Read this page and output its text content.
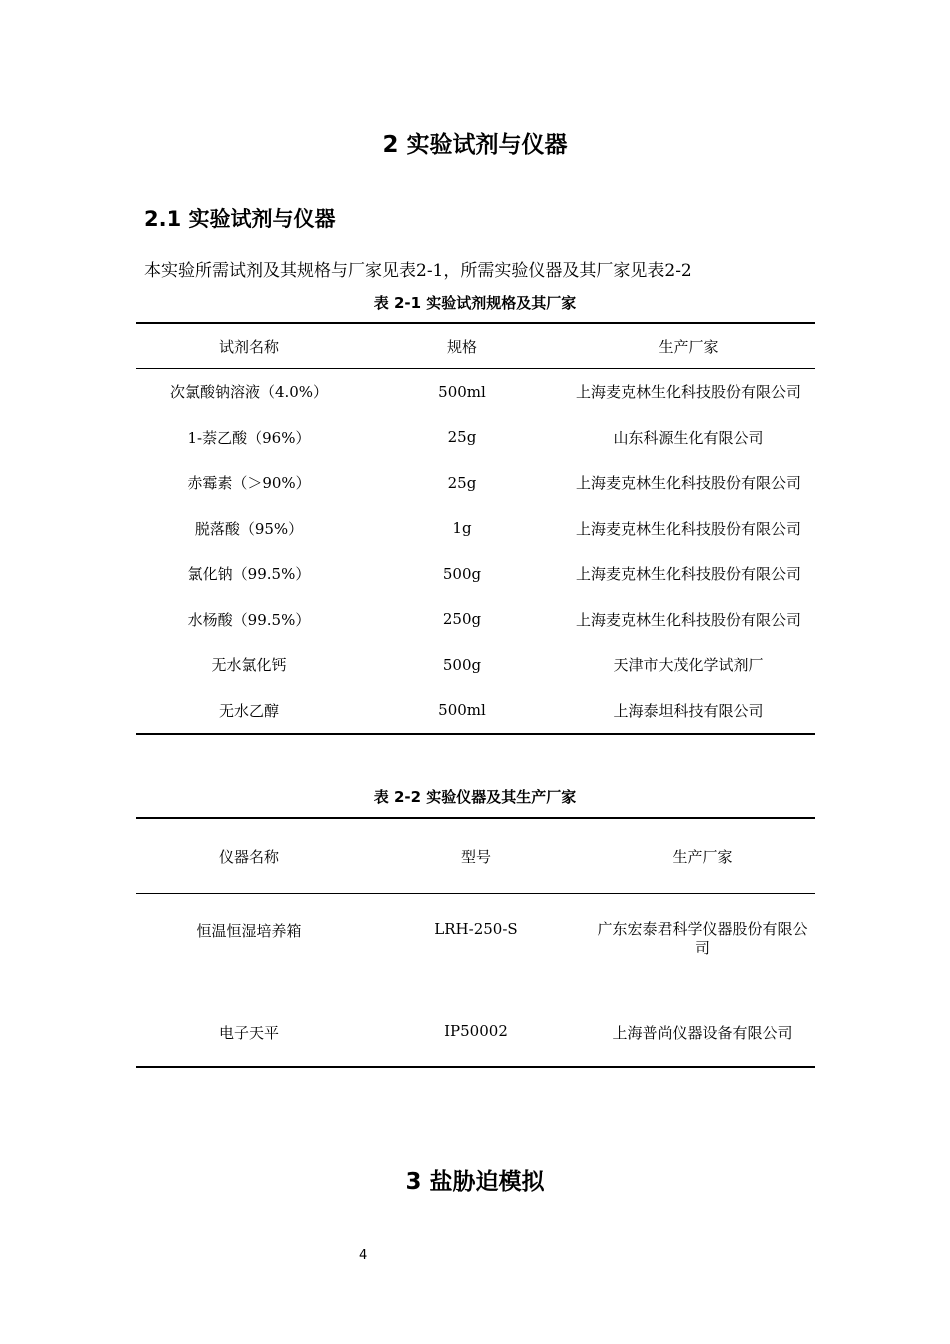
2 实验试剂与仪器
2.1 实验试剂与仪器
本实验所需试剂及其规格与厂家见表2-1，所需实验仪器及其厂家见表2-2
表 2-1 实验试剂规格及其厂家
试剂名称	规格	生产厂家
次氯酸钠溶液（4.0%）	500ml	上海麦克林生化科技股份有限公司
1-萘乙酸（96%）	25g	山东科源生化有限公司
赤霉素（＞90%）	25g	上海麦克林生化科技股份有限公司
脱落酸（95%）	1g	上海麦克林生化科技股份有限公司
氯化钠（99.5%）	500g	上海麦克林生化科技股份有限公司
水杨酸（99.5%）	250g	上海麦克林生化科技股份有限公司
无水氯化钙	500g	天津市大茂化学试剂厂
无水乙醇	500ml	上海泰坦科技有限公司
表 2-2 实验仪器及其生产厂家
仪器名称	型号	生产厂家
恒温恒湿培养箱	LRH-250-S	广东宏泰君科学仪器股份有限公司
电子天平	IP50002	上海普尚仪器设备有限公司
3 盐胁迫模拟
4
